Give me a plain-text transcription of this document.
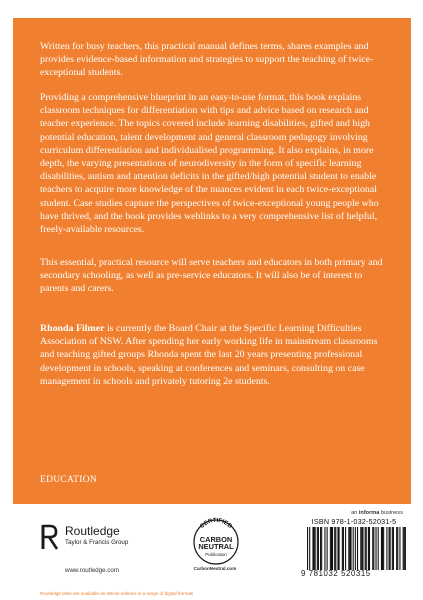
Written for busy teachers, this practical manual defines terms, shares examples and provides evidence-based information and strategies to support the teaching of twice-exceptional students.

Providing a comprehensive blueprint in an easy-to-use format, this book explains classroom techniques for differentiation with tips and advice based on research and teacher experience. The topics covered include learning disabilities, gifted and high potential education, talent development and general classroom pedagogy involving curriculum differentiation and individualised programming. It also explains, in more depth, the varying presentations of neurodiversity in the form of specific learning disabilities, autism and attention deficits in the gifted/high potential student to enable teachers to acquire more knowledge of the nuances evident in each twice-exceptional student. Case studies capture the perspectives of twice-exceptional young people who have thrived, and the book provides weblinks to a very comprehensive list of helpful, freely-available resources.

This essential, practical resource will serve teachers and educators in both primary and secondary schooling, as well as pre-service educators. It will also be of interest to parents and carers.

Rhonda Filmer is currently the Board Chair at the Specific Learning Difficulties Association of NSW. After spending her early working life in mainstream classrooms and teaching gifted groups Rhonda spent the last 20 years presenting professional development in schools, speaking at conferences and seminars, consulting on case management in schools and privately tutoring 2e students.

EDUCATION
Routledge
Taylor & Francis Group
www.routledge.com
CERTIFIED
CARBON
NEUTRAL
Publication
CarbonNeutral.com
an informa business
ISBN 978-1-032-52031-5
9 781032 520315
Routledge titles are available as eBook editions in a range of digital formats
